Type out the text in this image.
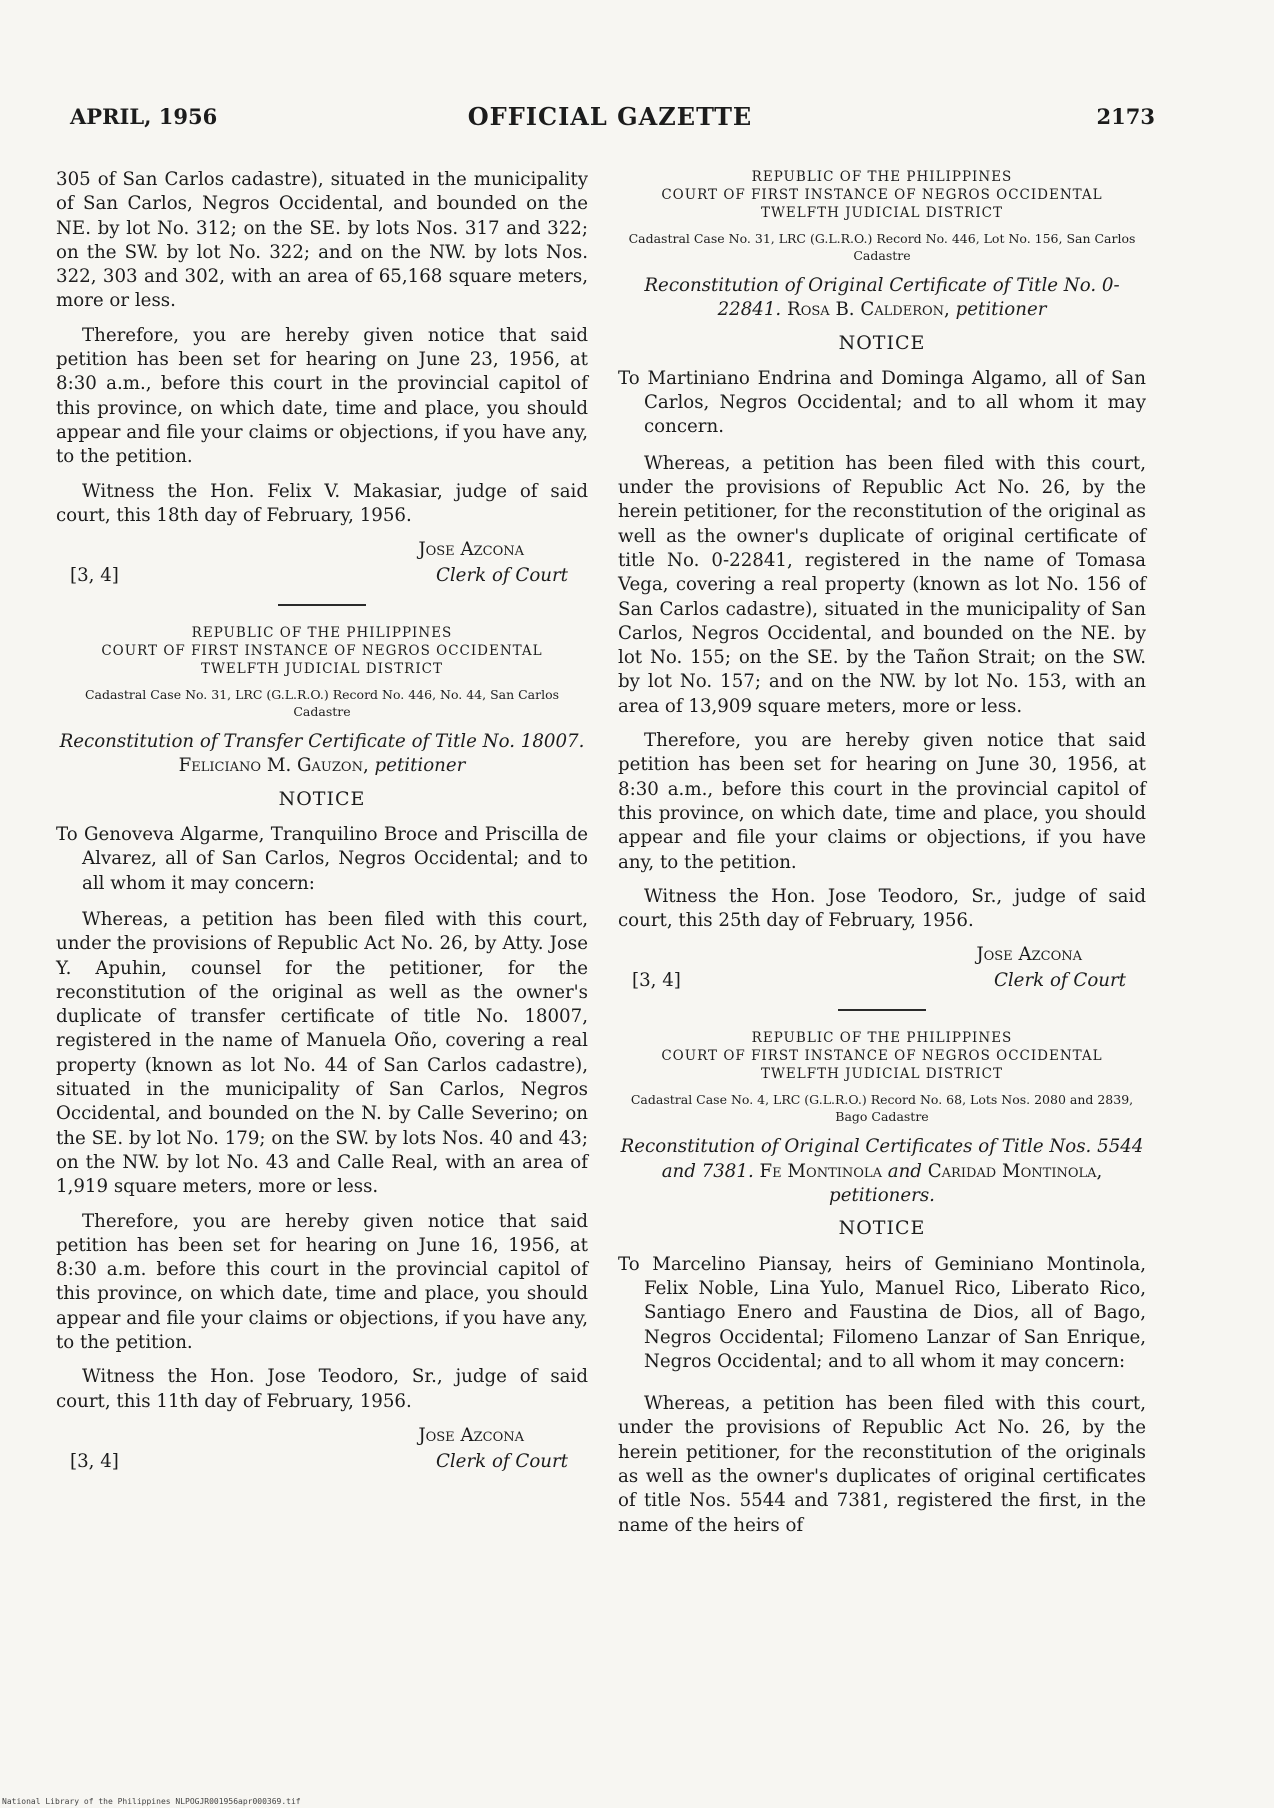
APRIL, 1956	OFFICIAL GAZETTE	2173

305 of San Carlos cadastre), situated in the municipality of San Carlos, Negros Occidental, and bounded on the NE. by lot No. 312; on the SE. by lots Nos. 317 and 322; on the SW. by lot No. 322; and on the NW. by lots Nos. 322, 303 and 302, with an area of 65,168 square meters, more or less.

Therefore, you are hereby given notice that said petition has been set for hearing on June 23, 1956, at 8:30 a.m., before this court in the provincial capitol of this province, on which date, time and place, you should appear and file your claims or objections, if you have any, to the petition.

Witness the Hon. Felix V. Makasiar, judge of said court, this 18th day of February, 1956.

Jose Azcona
[3, 4]	Clerk of Court
REPUBLIC OF THE PHILIPPINES
COURT OF FIRST INSTANCE OF NEGROS OCCIDENTAL
TWELFTH JUDICIAL DISTRICT
Cadastral Case No. 31, LRC (G.L.R.O.) Record No. 446, No. 44, San Carlos Cadastre
Reconstitution of Transfer Certificate of Title No. 18007. Feliciano M. Gauzon, petitioner
NOTICE

To Genoveva Algarme, Tranquilino Broce and Priscilla de Alvarez, all of San Carlos, Negros Occidental; and to all whom it may concern:

Whereas, a petition has been filed with this court, under the provisions of Republic Act No. 26, by Atty. Jose Y. Apuhin, counsel for the petitioner, for the reconstitution of the original as well as the owner's duplicate of transfer certificate of title No. 18007, registered in the name of Manuela Oño, covering a real property (known as lot No. 44 of San Carlos cadastre), situated in the municipality of San Carlos, Negros Occidental, and bounded on the N. by Calle Severino; on the SE. by lot No. 179; on the SW. by lots Nos. 40 and 43; on the NW. by lot No. 43 and Calle Real, with an area of 1,919 square meters, more or less.

Therefore, you are hereby given notice that said petition has been set for hearing on June 16, 1956, at 8:30 a.m. before this court in the provincial capitol of this province, on which date, time and place, you should appear and file your claims or objections, if you have any, to the petition.

Witness the Hon. Jose Teodoro, Sr., judge of said court, this 11th day of February, 1956.

Jose Azcona
[3, 4]	Clerk of Court
REPUBLIC OF THE PHILIPPINES
COURT OF FIRST INSTANCE OF NEGROS OCCIDENTAL
TWELFTH JUDICIAL DISTRICT
Cadastral Case No. 31, LRC (G.L.R.O.) Record No. 446, Lot No. 156, San Carlos Cadastre
Reconstitution of Original Certificate of Title No. 0-22841. Rosa B. Calderon, petitioner
NOTICE

To Martiniano Endrina and Dominga Algamo, all of San Carlos, Negros Occidental; and to all whom it may concern.

Whereas, a petition has been filed with this court, under the provisions of Republic Act No. 26, by the herein petitioner, for the reconstitution of the original as well as the owner's duplicate of original certificate of title No. 0-22841, registered in the name of Tomasa Vega, covering a real property (known as lot No. 156 of San Carlos cadastre), situated in the municipality of San Carlos, Negros Occidental, and bounded on the NE. by lot No. 155; on the SE. by the Tañon Strait; on the SW. by lot No. 157; and on the NW. by lot No. 153, with an area of 13,909 square meters, more or less.

Therefore, you are hereby given notice that said petition has been set for hearing on June 30, 1956, at 8:30 a.m., before this court in the provincial capitol of this province, on which date, time and place, you should appear and file your claims or objections, if you have any, to the petition.

Witness the Hon. Jose Teodoro, Sr., judge of said court, this 25th day of February, 1956.

Jose Azcona
[3, 4]	Clerk of Court
REPUBLIC OF THE PHILIPPINES
COURT OF FIRST INSTANCE OF NEGROS OCCIDENTAL
TWELFTH JUDICIAL DISTRICT
Cadastral Case No. 4, LRC (G.L.R.O.) Record No. 68, Lots Nos. 2080 and 2839, Bago Cadastre
Reconstitution of Original Certificates of Title Nos. 5544 and 7381. Fe Montinola and Caridad Montinola, petitioners.
NOTICE

To Marcelino Piansay, heirs of Geminiano Montinola, Felix Noble, Lina Yulo, Manuel Rico, Liberato Rico, Santiago Enero and Faustina de Dios, all of Bago, Negros Occidental; Filomeno Lanzar of San Enrique, Negros Occidental; and to all whom it may concern:

Whereas, a petition has been filed with this court, under the provisions of Republic Act No. 26, by the herein petitioner, for the reconstitution of the originals as well as the owner's duplicates of original certificates of title Nos. 5544 and 7381, registered the first, in the name of the heirs of

National Library of the Philippines NLPOGJR001956apr000369.tif
